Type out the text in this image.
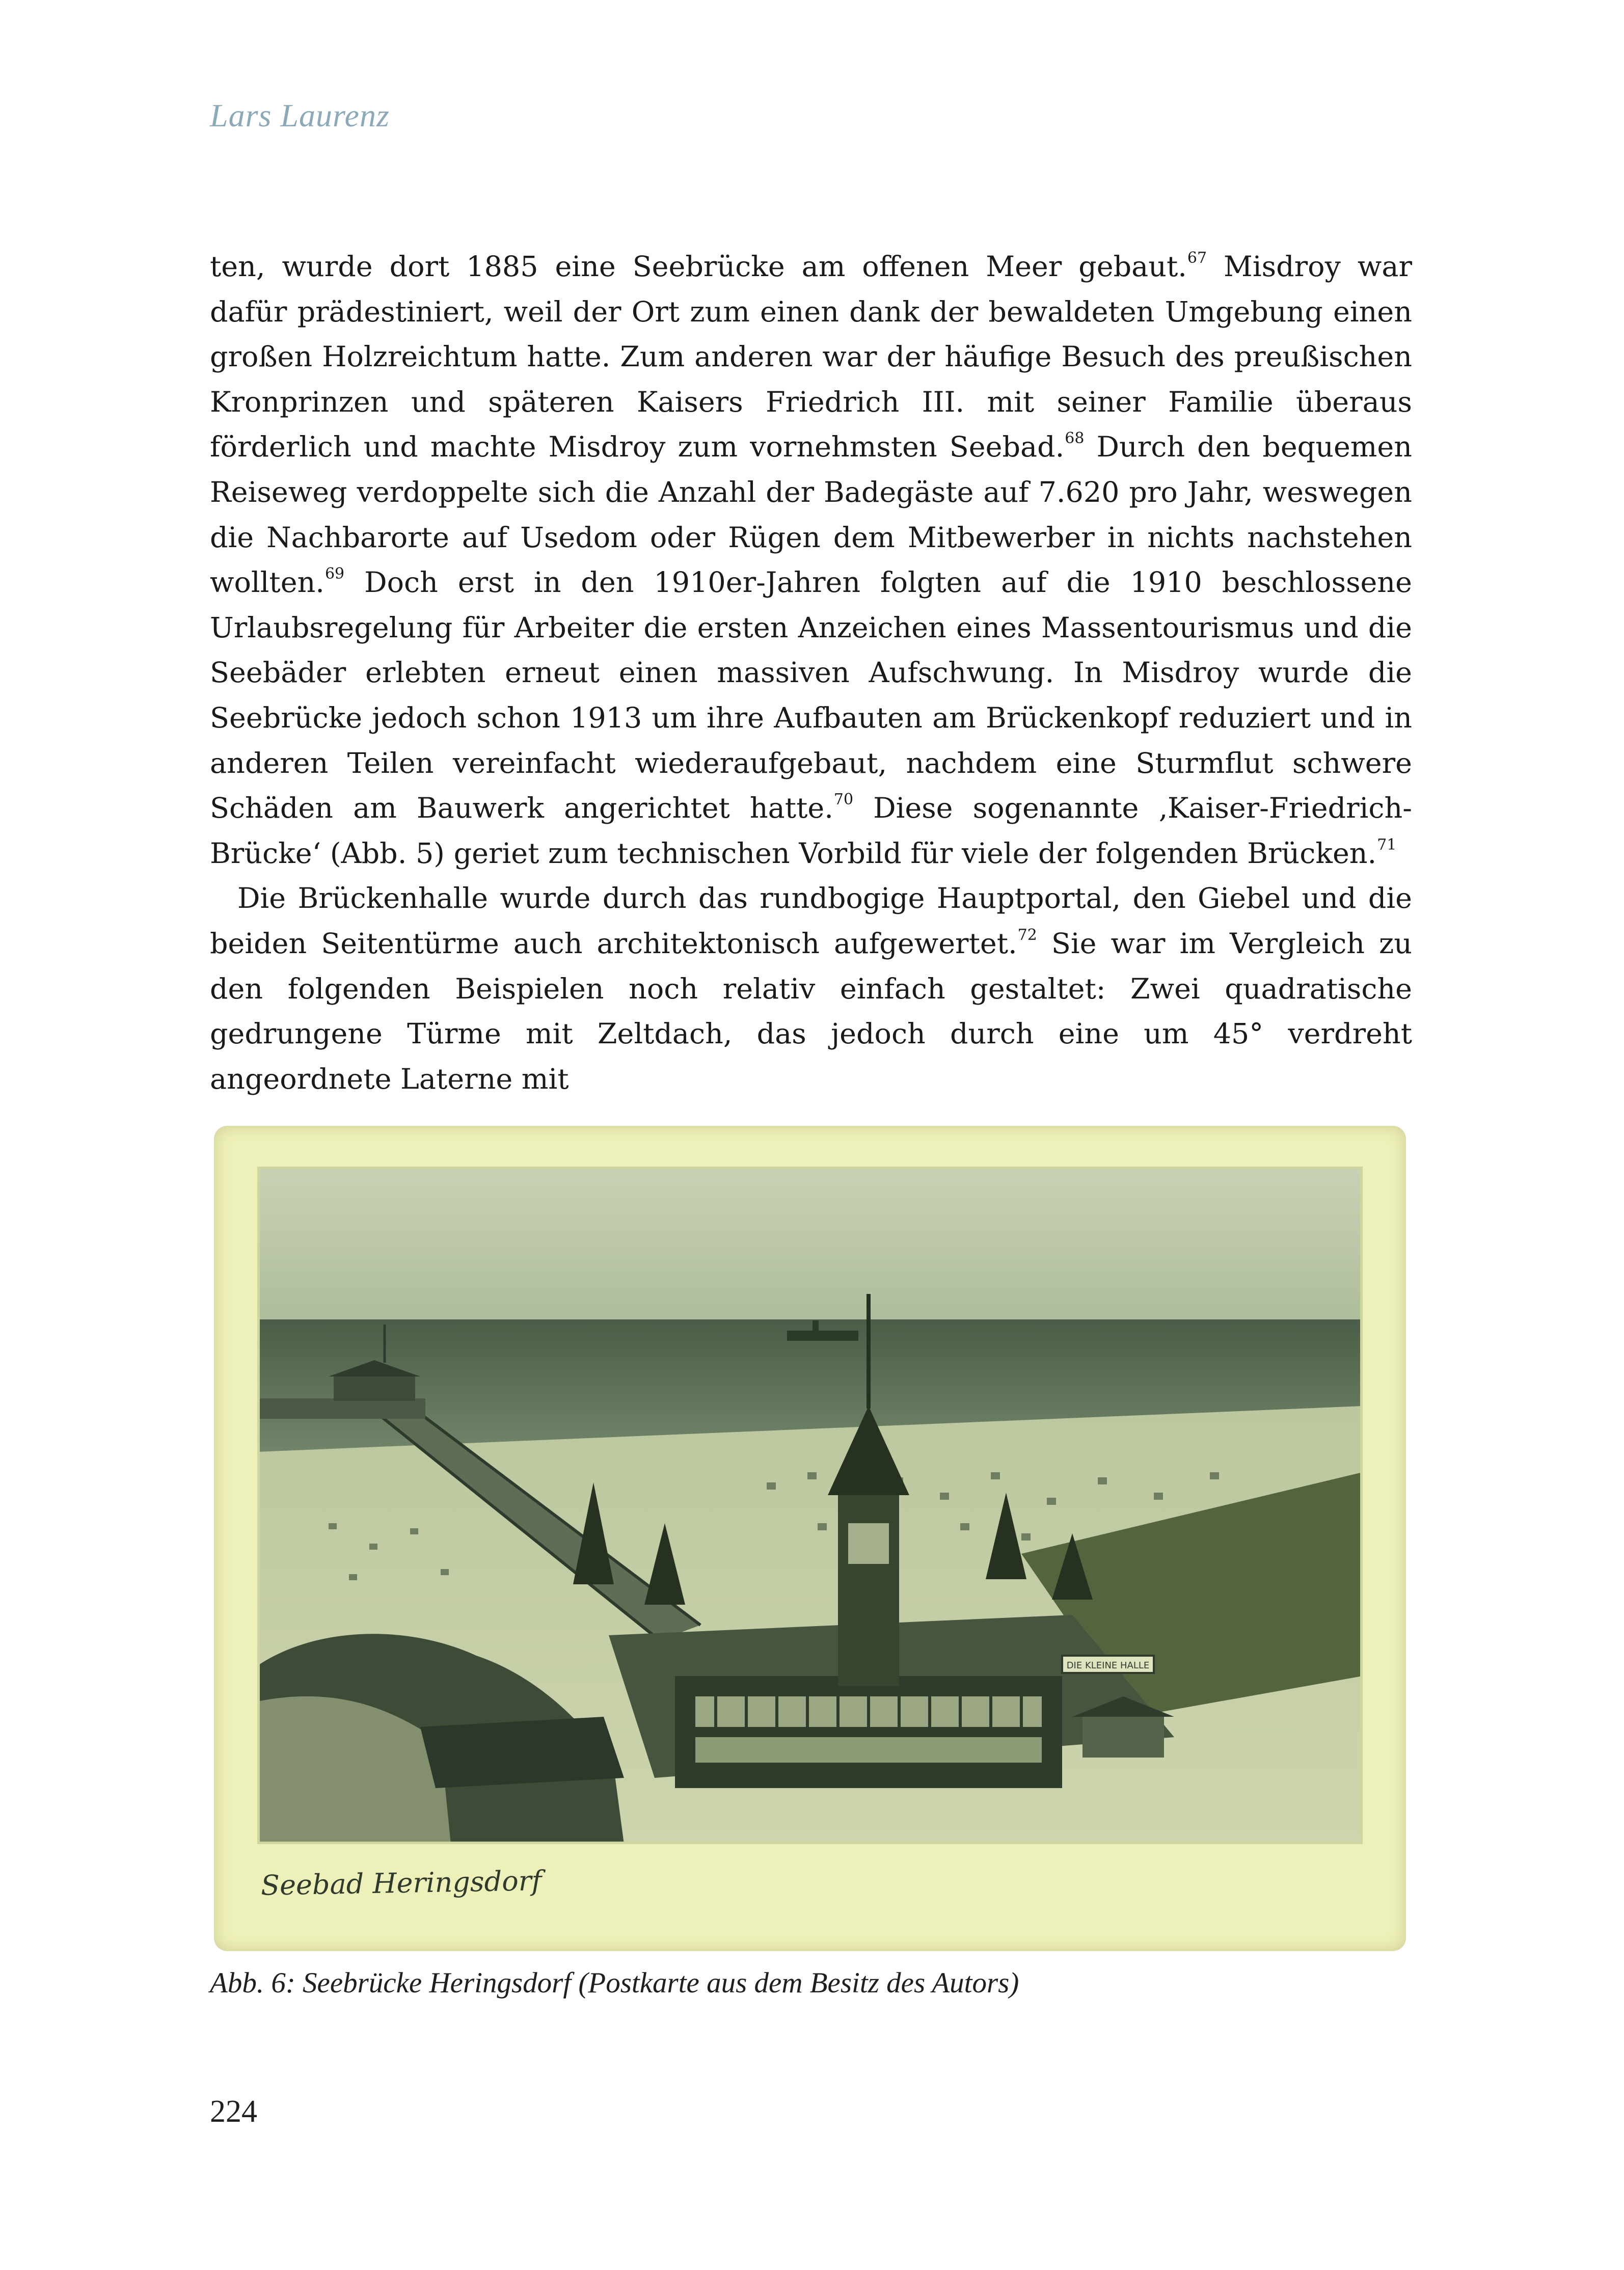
Lars Laurenz

ten, wurde dort 1885 eine Seebrücke am offenen Meer gebaut.$^{67}$ Misdroy war dafür prädestiniert, weil der Ort zum einen dank der bewaldeten Umgebung einen großen Holzreichtum hatte. Zum anderen war der häufige Besuch des preußischen Kronprinzen und späteren Kaisers Friedrich III. mit seiner Familie überaus förderlich und machte Misdroy zum vornehmsten Seebad.$^{68}$ Durch den bequemen Reiseweg verdoppelte sich die Anzahl der Badegäste auf 7.620 pro Jahr, weswegen die Nachbarorte auf Usedom oder Rügen dem Mitbewerber in nichts nachstehen wollten.$^{69}$ Doch erst in den 1910er-Jahren folgten auf die 1910 beschlossene Urlaubsregelung für Arbeiter die ersten Anzeichen eines Massentourismus und die Seebäder erlebten erneut einen massiven Aufschwung. In Misdroy wurde die Seebrücke jedoch schon 1913 um ihre Aufbauten am Brückenkopf reduziert und in anderen Teilen vereinfacht wiederaufgebaut, nachdem eine Sturmflut schwere Schäden am Bauwerk angerichtet hatte.$^{70}$ Diese sogenannte ‚Kaiser-Friedrich-Brücke‘ (Abb. 5) geriet zum technischen Vorbild für viele der folgenden Brücken.$^{71}$

Die Brückenhalle wurde durch das rundbogige Hauptportal, den Giebel und die beiden Seitentürme auch architektonisch aufgewertet.$^{72}$ Sie war im Vergleich zu den folgenden Beispielen noch relativ einfach gestaltet: Zwei quadratische gedrungene Türme mit Zeltdach, das jedoch durch eine um 45° verdreht angeordnete Laterne mit

DIE KLEINE HALLE
Seebad Heringsdorf
Abb. 6: Seebrücke Heringsdorf (Postkarte aus dem Besitz des Autors)
224
